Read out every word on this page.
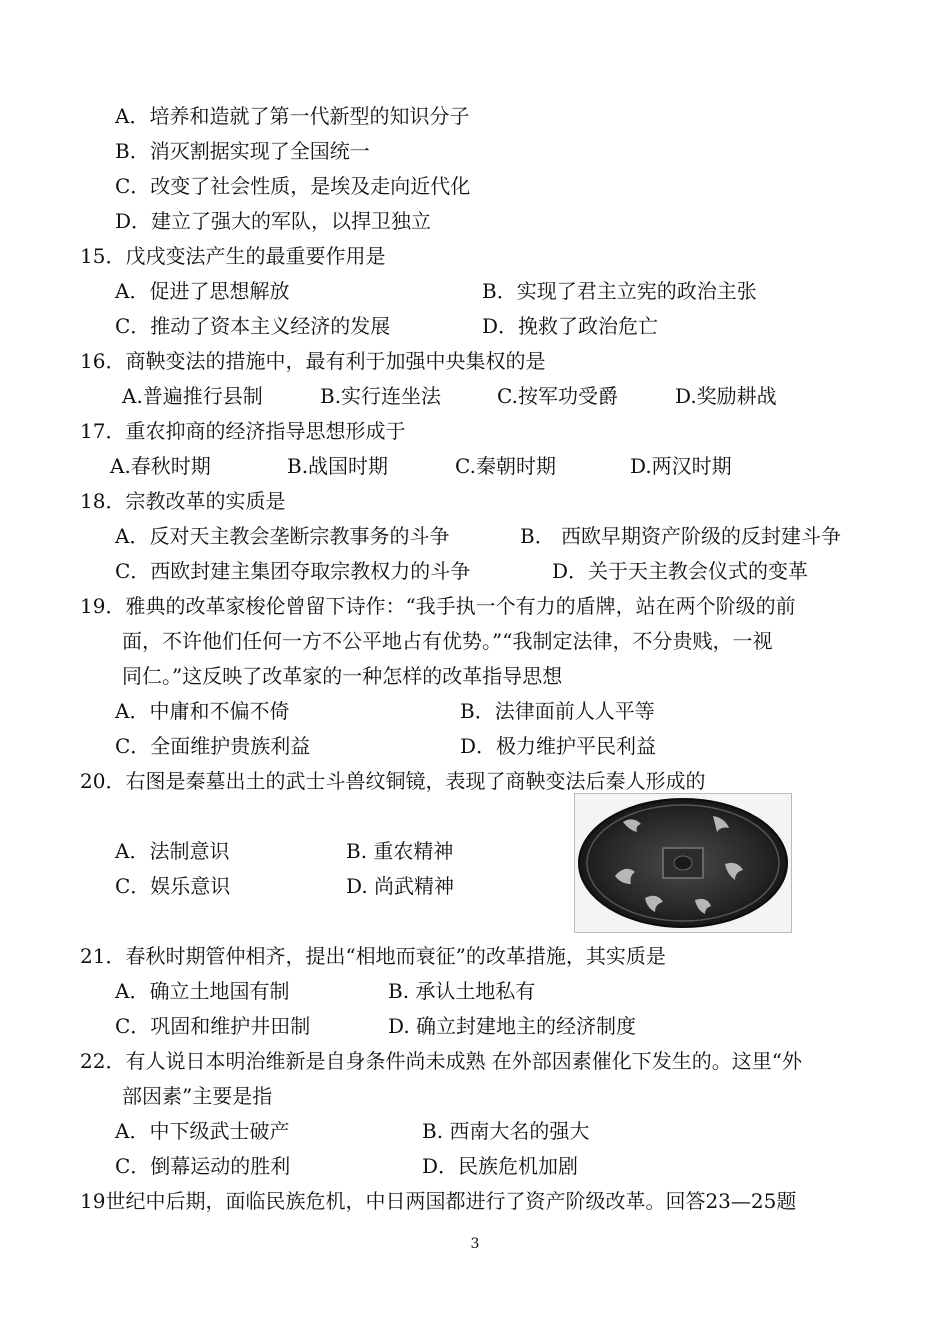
A．培养和造就了第一代新型的知识分子
B．消灭割据实现了全国统一
C．改变了社会性质，是埃及走向近代化
D．建立了强大的军队，以捍卫独立
15．戊戌变法产生的最重要作用是
A．促进了思想解放	B．实现了君主立宪的政治主张
C．推动了资本主义经济的发展	D．挽救了政治危亡
16．商鞅变法的措施中，最有利于加强中央集权的是
A.普遍推行县制	B.实行连坐法	C.按军功受爵	D.奖励耕战
17．重农抑商的经济指导思想形成于
A.春秋时期	B.战国时期	C.秦朝时期	D.两汉时期
18．宗教改革的实质是
A．反对天主教会垄断宗教事务的斗争	B． 西欧早期资产阶级的反封建斗争
C．西欧封建主集团夺取宗教权力的斗争	D．关于天主教会仪式的变革
19．雅典的改革家梭伦曾留下诗作：“我手执一个有力的盾牌，站在两个阶级的前
面，不许他们任何一方不公平地占有优势。”“我制定法律，不分贵贱，一视
同仁。”这反映了改革家的一种怎样的改革指导思想
A．中庸和不偏不倚	B．法律面前人人平等
C．全面维护贵族利益	D．极力维护平民利益
20．右图是秦墓出土的武士斗兽纹铜镜，表现了商鞅变法后秦人形成的
A．法制意识	B. 重农精神
C．娱乐意识	D. 尚武精神
21．春秋时期管仲相齐，提出“相地而衰征”的改革措施，其实质是
A．确立土地国有制	B. 承认土地私有
C．巩固和维护井田制	D. 确立封建地主的经济制度
22．有人说日本明治维新是自身条件尚未成熟 在外部因素催化下发生的。这里“外
部因素”主要是指
A．中下级武士破产	B. 西南大名的强大
C．倒幕运动的胜利	D．民族危机加剧
19世纪中后期，面临民族危机，中日两国都进行了资产阶级改革。回答23—25题
3
